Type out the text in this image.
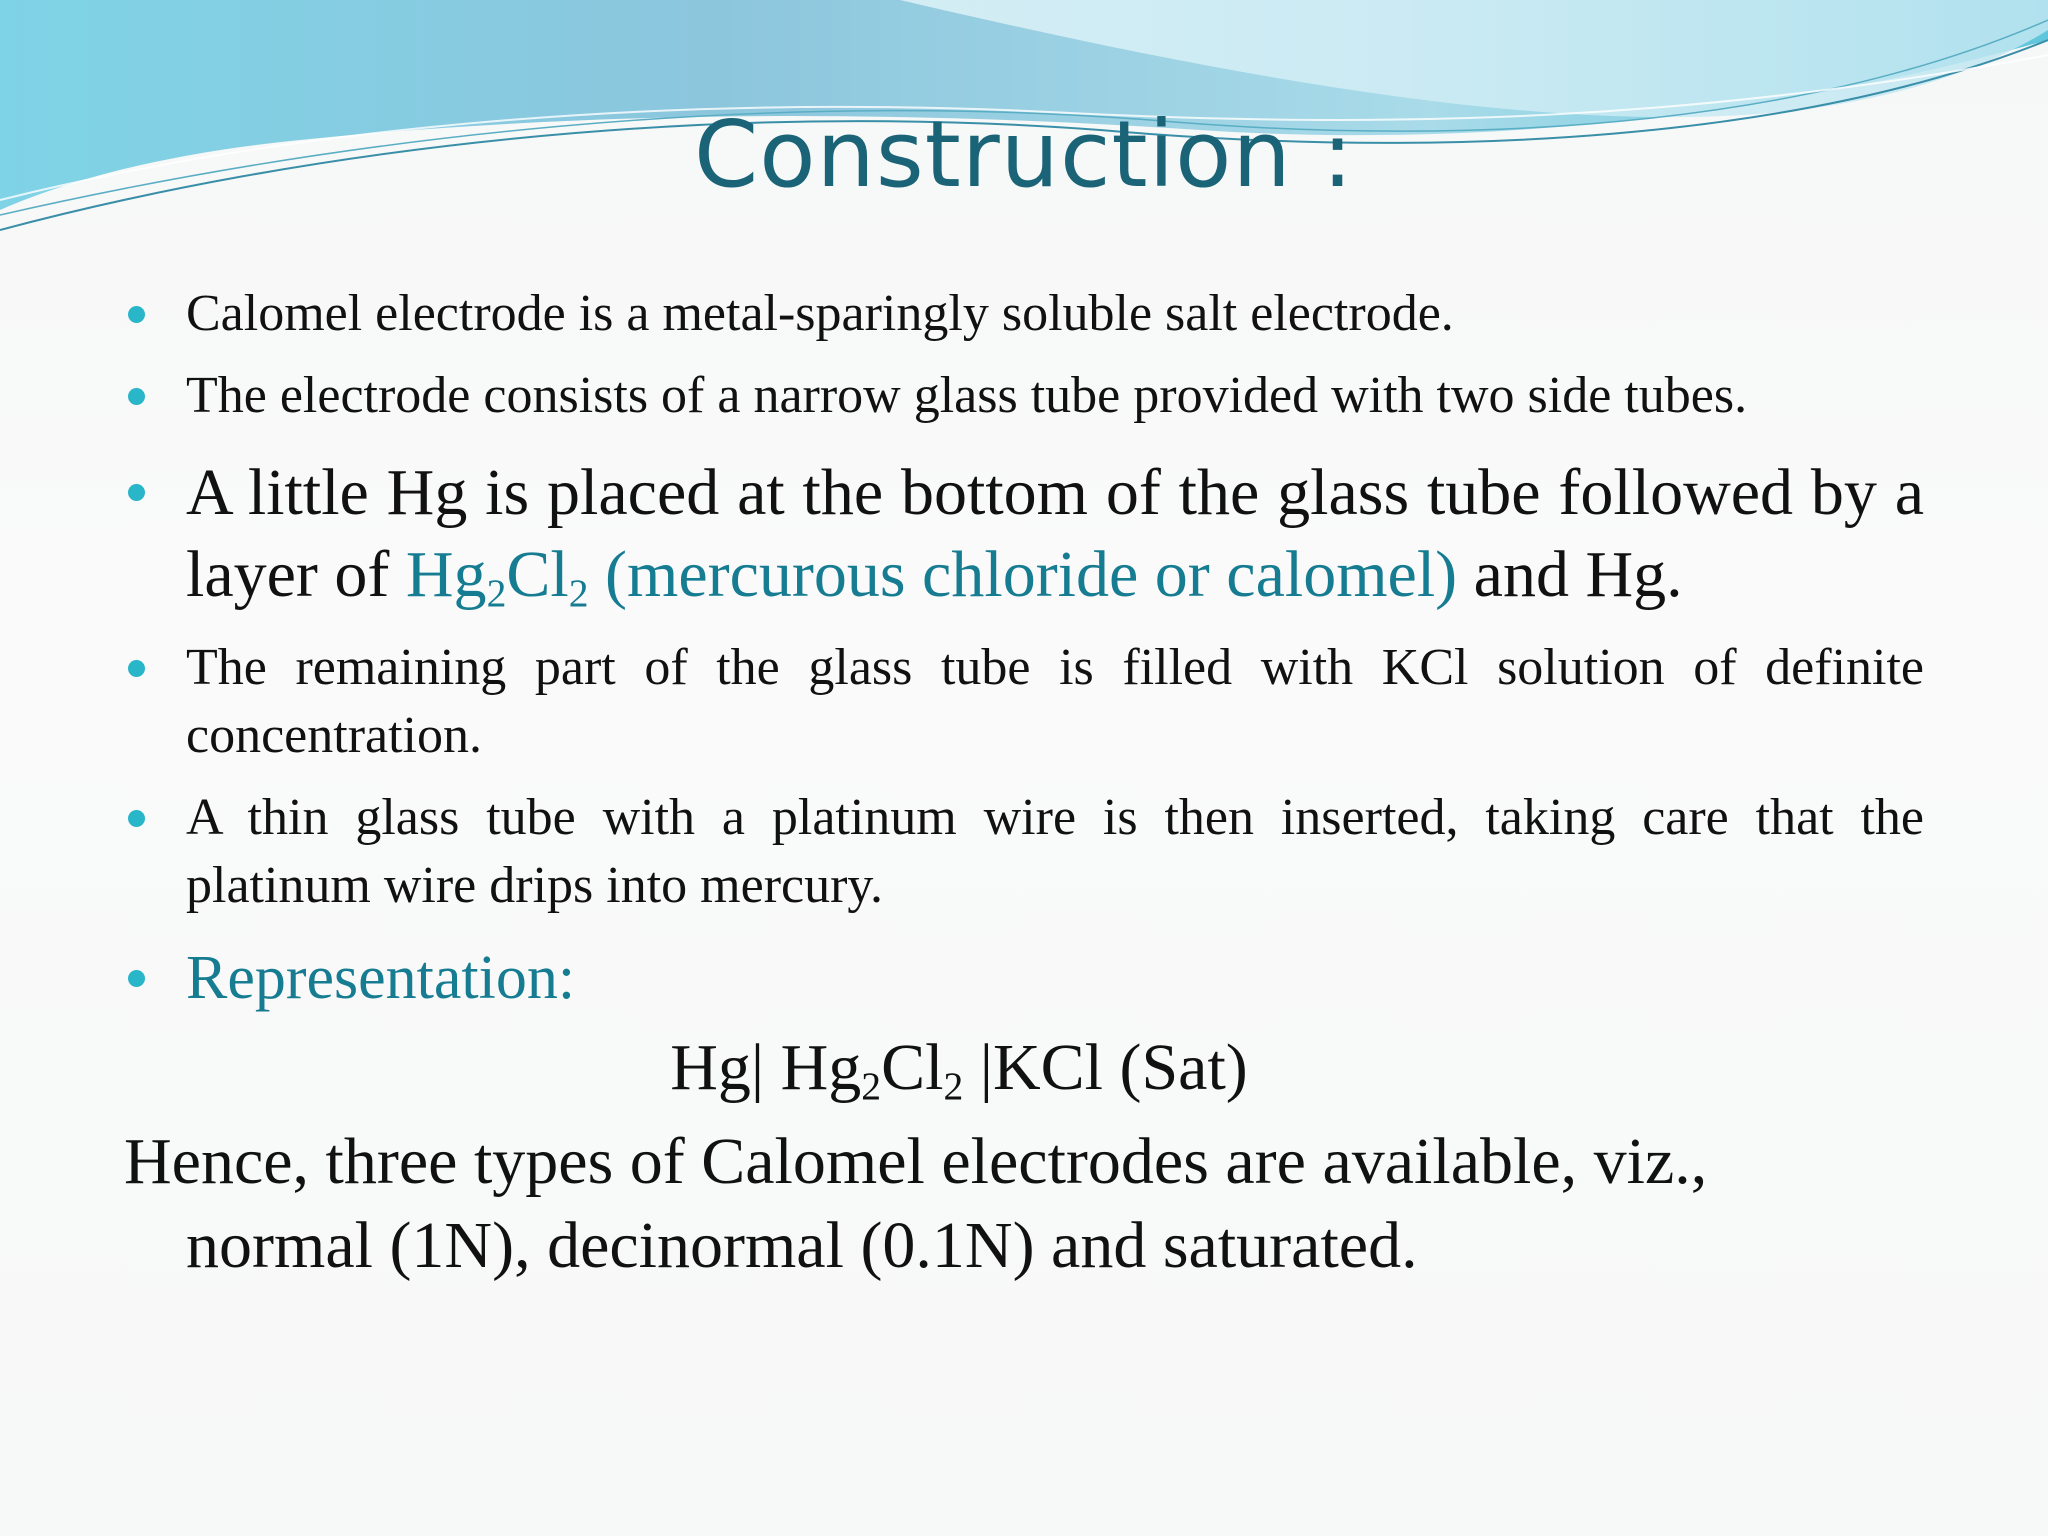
Construction :
Calomel electrode is a metal-sparingly soluble salt electrode.
The electrode consists of a narrow glass tube provided with two side tubes.
A little Hg is placed at the bottom of the glass tube followed by a layer of $Hg_2Cl_2$ (mercurous chloride or calomel) and Hg.
The remaining part of the glass tube is filled with KCl solution of definite concentration.
A thin glass tube with a platinum wire is then inserted, taking care that the platinum wire drips into mercury.
Representation:
Hg| $Hg_2Cl_2$ |KCl (Sat)
Hence, three types of Calomel electrodes are available, viz.,
normal (1N), decinormal (0.1N) and saturated.
